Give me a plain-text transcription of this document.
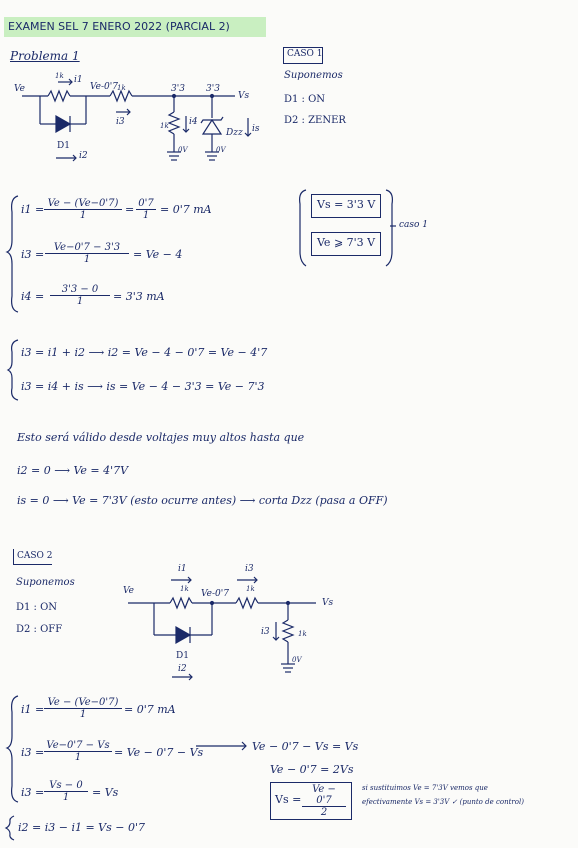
EXAMEN SEL 7 ENERO 2022 (PARCIAL 2)
Problema 1	CASO 1
Suponemos
D1 : ON
D2 : ZENER
Ve
1k i1
Ve-0'7 1k	3'3 3'3
Vs
i3	1k i4
Dzz is
D1
i2
0V	0V
$i1 = \frac{Ve - (Ve-0'7)}{1} = \frac{0'7}{1} = 0'7$ mA
$i3 = \frac{Ve-0'7 - 3'3}{1} = Ve - 4$
$i4 = \frac{3'3 - 0}{1} = 3'3$ mA
Vs = 3'3 V
Ve ⩾ 7'3 V
caso 1
i3 = i1 + i2 ⟶ i2 = Ve − 4 − 0'7 = Ve − 4'7
i3 = i4 + is ⟶ is = Ve − 4 − 3'3 = Ve − 7'3
Esto será válido desde voltajes muy altos hasta que
i2 = 0 ⟶ Ve = 4'7V
is = 0 ⟶ Ve = 7'3V (esto ocurre antes) ⟶ corta Dzz (pasa a OFF)
CASO 2
Suponemos
D1 : ON
D2 : OFF
i1
1k
i3
1k
Ve	Ve-0'7
Vs
i3	1k
0V
D1
i2
$i1 = \frac{Ve - (Ve-0'7)}{1} = 0'7$ mA
$i3 = \frac{Ve-0'7 - Vs}{1} = Ve - 0'7 - Vs$
$i3 = \frac{Vs - 0}{1} = Vs$
Ve − 0'7 − Vs = Vs
Ve − 0'7 = 2Vs
$Vs = \frac{Ve - 0'7}{2}$ si sustituimos Ve = 7'3V vemos que
efectivamente Vs = 3'3V ✓ (punto de control)
i2 = i3 − i1 = Vs − 0'7
